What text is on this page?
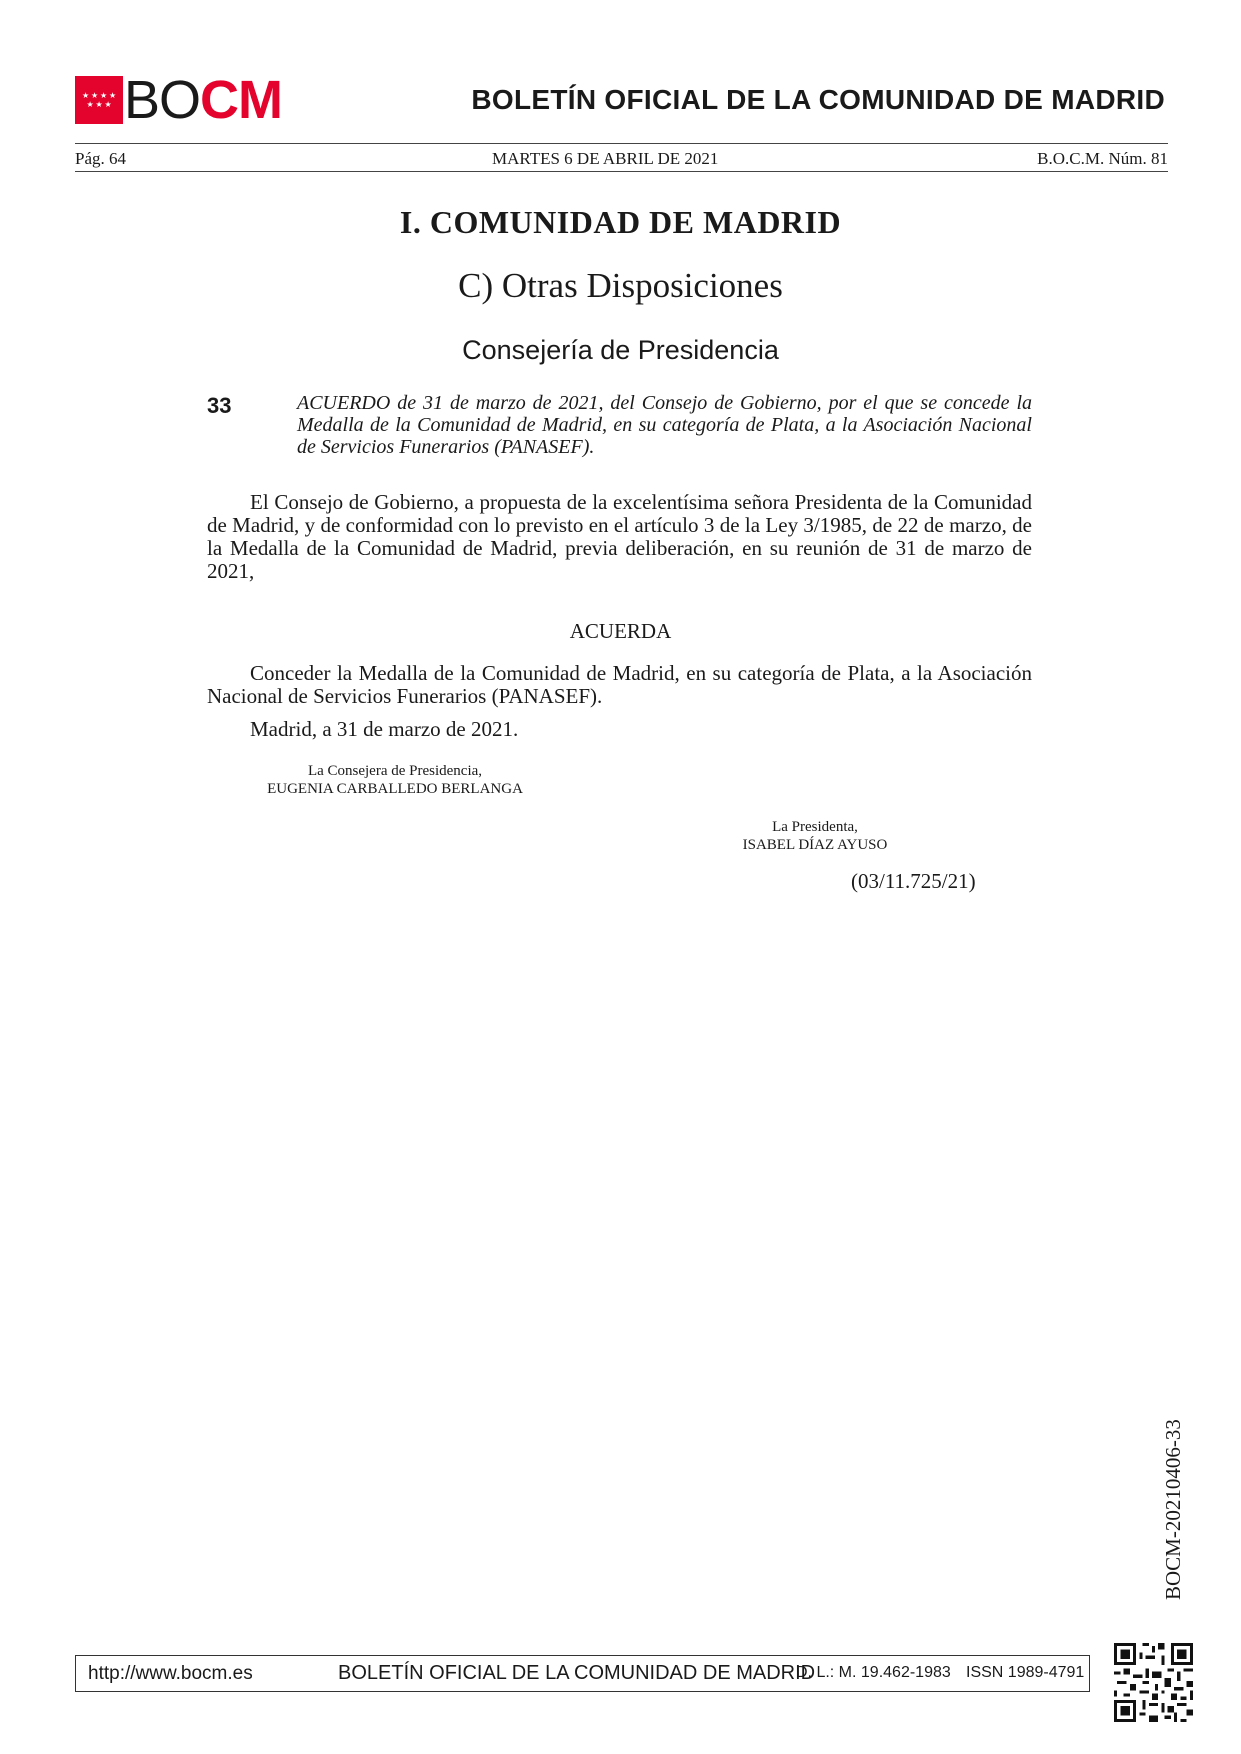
★ ★ ★ ★
★ ★ ★ BOCM	BOLETÍN OFICIAL DE LA COMUNIDAD DE MADRID
Pág. 64	MARTES 6 DE ABRIL DE 2021	B.O.C.M. Núm. 81
I. COMUNIDAD DE MADRID
C) Otras Disposiciones
Consejería de Presidencia
33	ACUERDO de 31 de marzo de 2021, del Consejo de Gobierno, por el que se concede la Medalla de la Comunidad de Madrid, en su categoría de Plata, a la Asociación Nacional de Servicios Funerarios (PANASEF).
El Consejo de Gobierno, a propuesta de la excelentísima señora Presidenta de la Comunidad de Madrid, y de conformidad con lo previsto en el artículo 3 de la Ley 3/1985, de 22 de marzo, de la Medalla de la Comunidad de Madrid, previa deliberación, en su reunión de 31 de marzo de 2021,
ACUERDA
Conceder la Medalla de la Comunidad de Madrid, en su categoría de Plata, a la Asociación Nacional de Servicios Funerarios (PANASEF).
Madrid, a 31 de marzo de 2021.
La Consejera de Presidencia,
EUGENIA CARBALLEDO BERLANGA
La Presidenta,
ISABEL DÍAZ AYUSO
(03/11.725/21)
BOCM-20210406-33
http://www.bocm.es	BOLETÍN OFICIAL DE LA COMUNIDAD DE MADRID
D. L.: M. 19.462-1983 ISSN 1989-4791
